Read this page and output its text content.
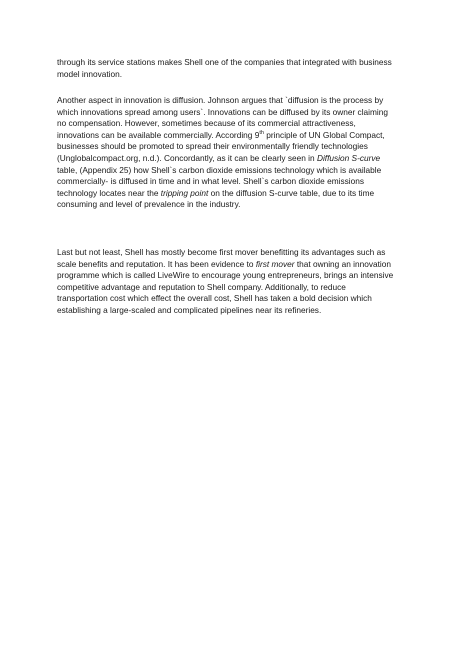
through its service stations makes Shell one of the companies that integrated with business
model innovation.
Another aspect in innovation is diffusion. Johnson argues that `diffusion is the process by
which innovations spread among users`. Innovations can be diffused by its owner claiming
no compensation. However, sometimes because of its commercial attractiveness,
innovations can be available commercially. According 9th principle of UN Global Compact,
businesses should be promoted to spread their environmentally friendly technologies
(Unglobalcompact.org, n.d.). Concordantly, as it can be clearly seen in Diffusion S-curve
table, (Appendix 25) how Shell`s carbon dioxide emissions technology which is available
commercially- is diffused in time and in what level. Shell`s carbon dioxide emissions
technology locates near the tripping point on the diffusion S-curve table, due to its time
consuming and level of prevalence in the industry.
Last but not least, Shell has mostly become first mover benefitting its advantages such as
scale benefits and reputation. It has been evidence to first mover that owning an innovation
programme which is called LiveWire to encourage young entrepreneurs, brings an intensive
competitive advantage and reputation to Shell company. Additionally, to reduce
transportation cost which effect the overall cost, Shell has taken a bold decision which
establishing a large-scaled and complicated pipelines near its refineries.
